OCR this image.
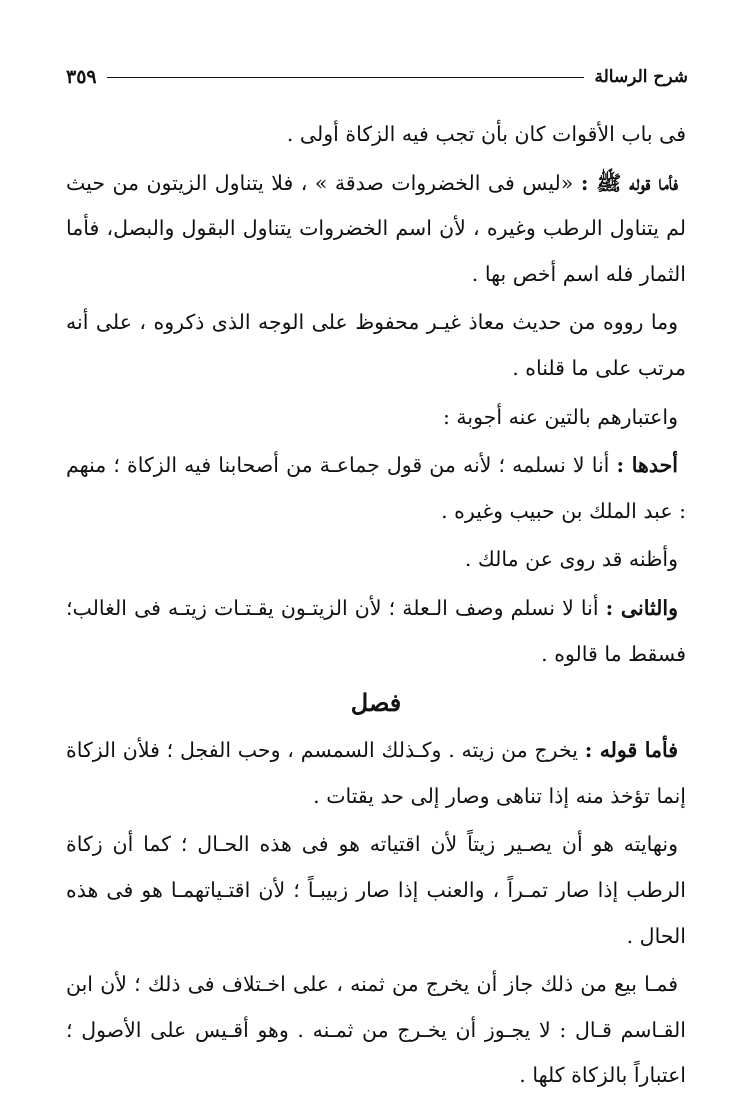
شرح الرسالة
٣٥٩

فى باب الأقوات كان بأن تجب فيه الزكاة أولى .

فأما قوله ﷺ : «ليس فى الخضروات صدقة » ، فلا يتناول الزيتون من حيث لم يتناول الرطب وغيره ، لأن اسم الخضروات يتناول البقول والبصل، فأما الثمار فله اسم أخص بها .

وما رووه من حديث معاذ غيـر محفوظ على الوجه الذى ذكروه ، على أنه مرتب على ما قلناه .

واعتبارهم بالتين عنه أجوبة :

أحدها : أنا لا نسلمه ؛ لأنه من قول جماعـة من أصحابنا فيه الزكاة ؛ منهم : عبد الملك بن حبيب وغيره .

وأظنه قد روى عن مالك .

والثانى : أنا لا نسلم وصف الـعلة ؛ لأن الزيتـون يقـتـات زيتـه فى الغالب؛ فسقط ما قالوه .

فصل

فأما قوله : يخرج من زيته . وكـذلك السمسم ، وحب الفجل ؛ فلأن الزكاة إنما تؤخذ منه إذا تناهى وصار إلى حد يقتات .

ونهايته هو أن يصـير زيتاً لأن اقتياته هو فى هذه الحـال ؛ كما أن زكاة الرطب إذا صار تمـراً ، والعنب إذا صار زبيبـاً ؛ لأن اقتـياتهمـا هو فى هذه الحال .

فمـا بيع من ذلك جاز أن يخرج من ثمنه ، على اخـتلاف فى ذلك ؛ لأن ابن القـاسم قـال : لا يجـوز أن يخـرج من ثمـنه . وهو أقـيس على الأصول ؛ اعتباراً بالزكاة كلها .
